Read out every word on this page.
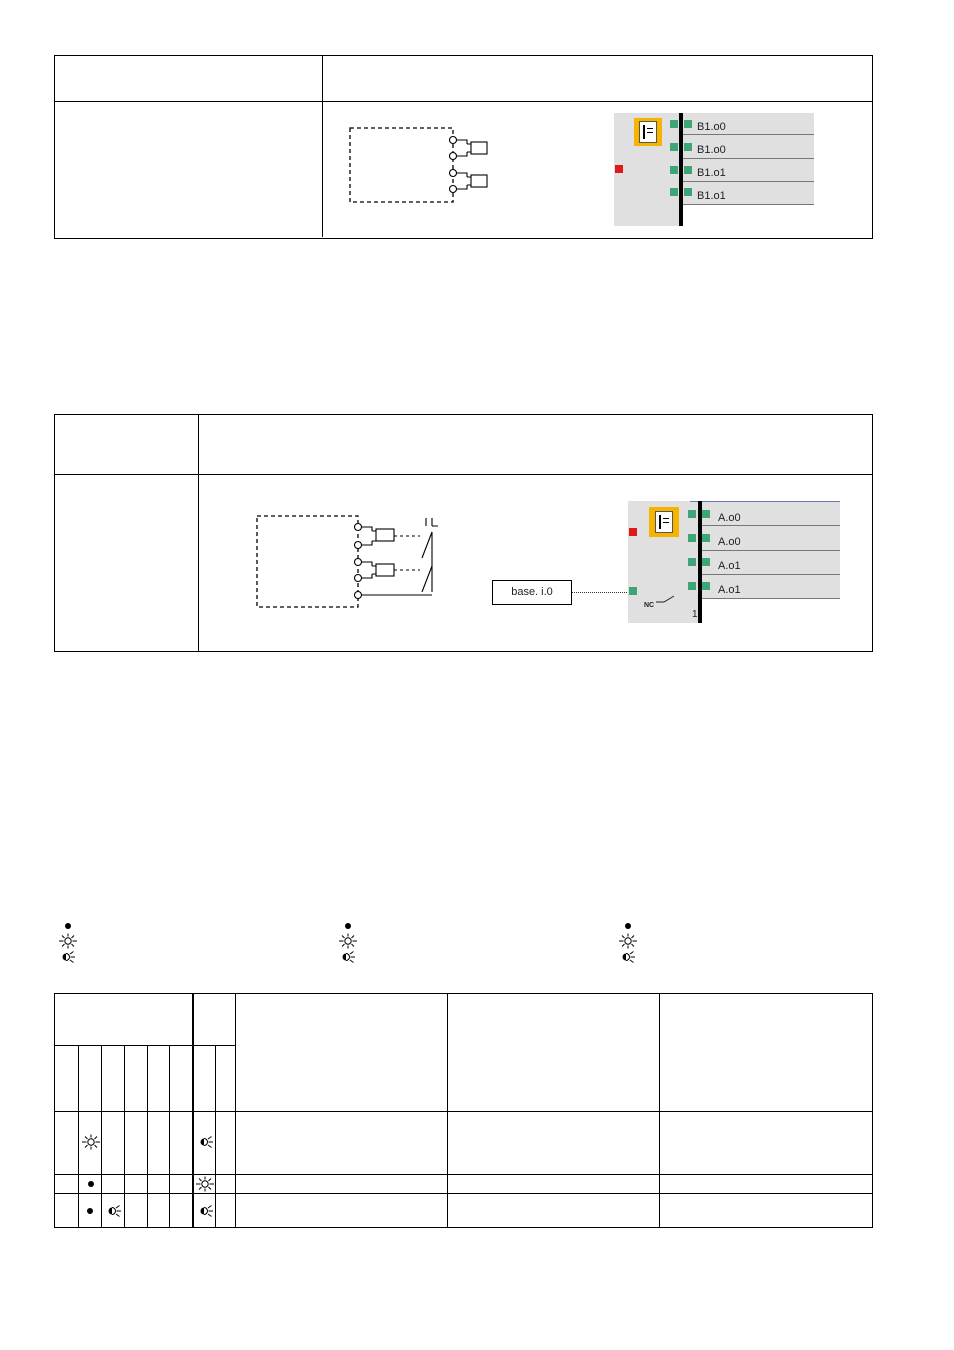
B1.o0
B1.o0
B1.o1
B1.o1
base. i.0
NC
1
A.o0
A.o0
A.o1
A.o1
